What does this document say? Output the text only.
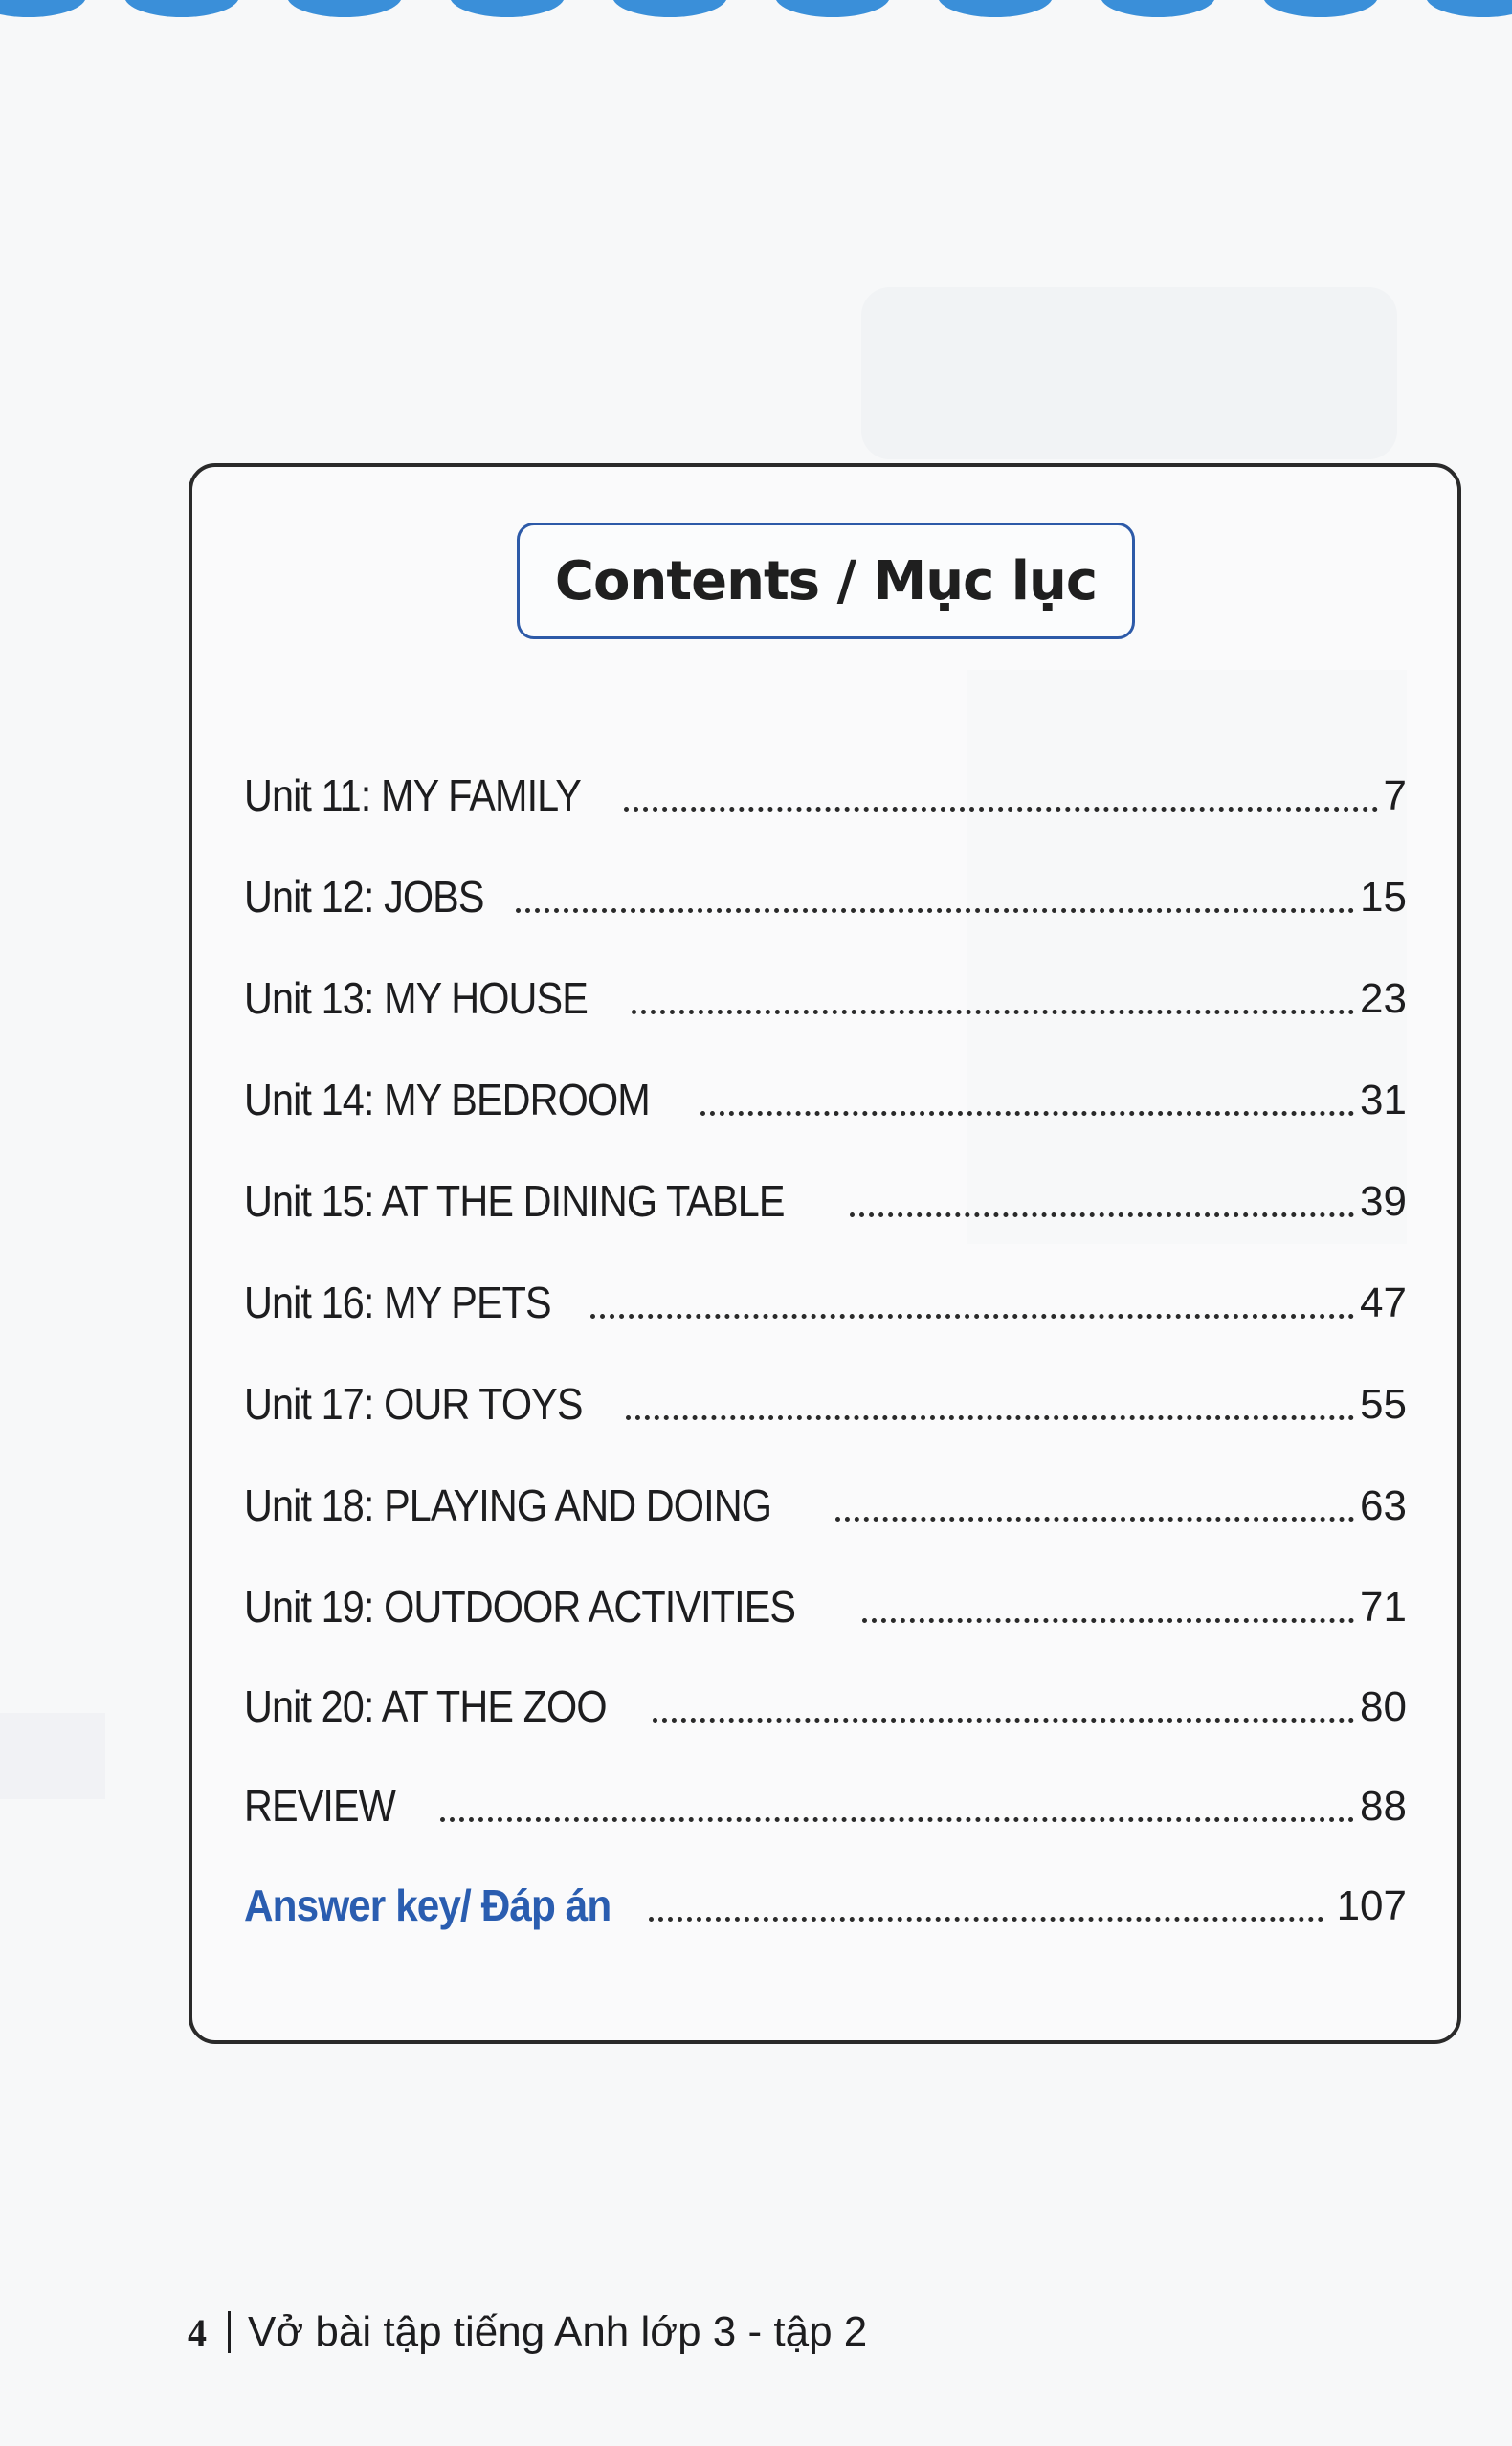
Contents / Mục lục
Unit 11: MY FAMILY	7
Unit 12: JOBS	15
Unit 13: MY HOUSE	23
Unit 14: MY BEDROOM	31
Unit 15: AT THE DINING TABLE	39
Unit 16: MY PETS	47
Unit 17: OUR TOYS	55
Unit 18: PLAYING AND DOING	63
Unit 19: OUTDOOR ACTIVITIES	71
Unit 20: AT THE ZOO	80
REVIEW	88
Answer key/ Đáp án	107
4 Vở bài tập tiếng Anh lớp 3 - tập 2
